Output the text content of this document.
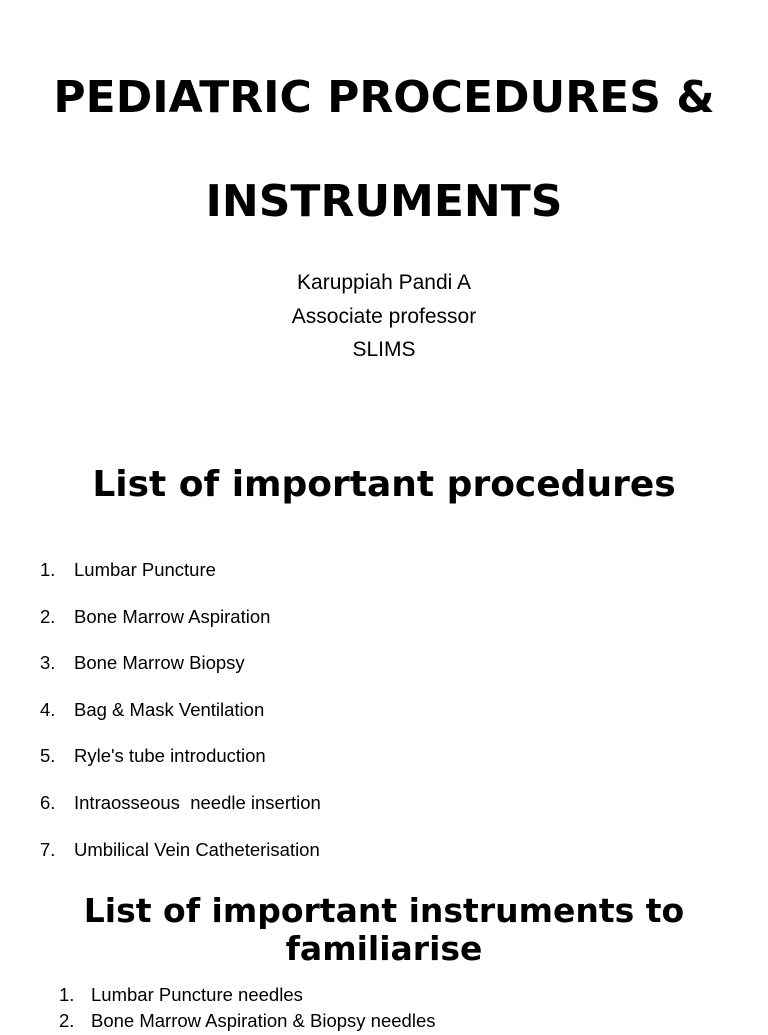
PEDIATRIC PROCEDURES &
INSTRUMENTS
Karuppiah Pandi A
Associate professor
SLIMS
List of important procedures
1. Lumbar Puncture
2. Bone Marrow Aspiration
3. Bone Marrow Biopsy
4. Bag & Mask Ventilation
5. Ryle's tube introduction
6. Intraosseous  needle insertion
7. Umbilical Vein Catheterisation
List of important instruments to familiarise
1. Lumbar Puncture needles
2. Bone Marrow Aspiration & Biopsy needles
